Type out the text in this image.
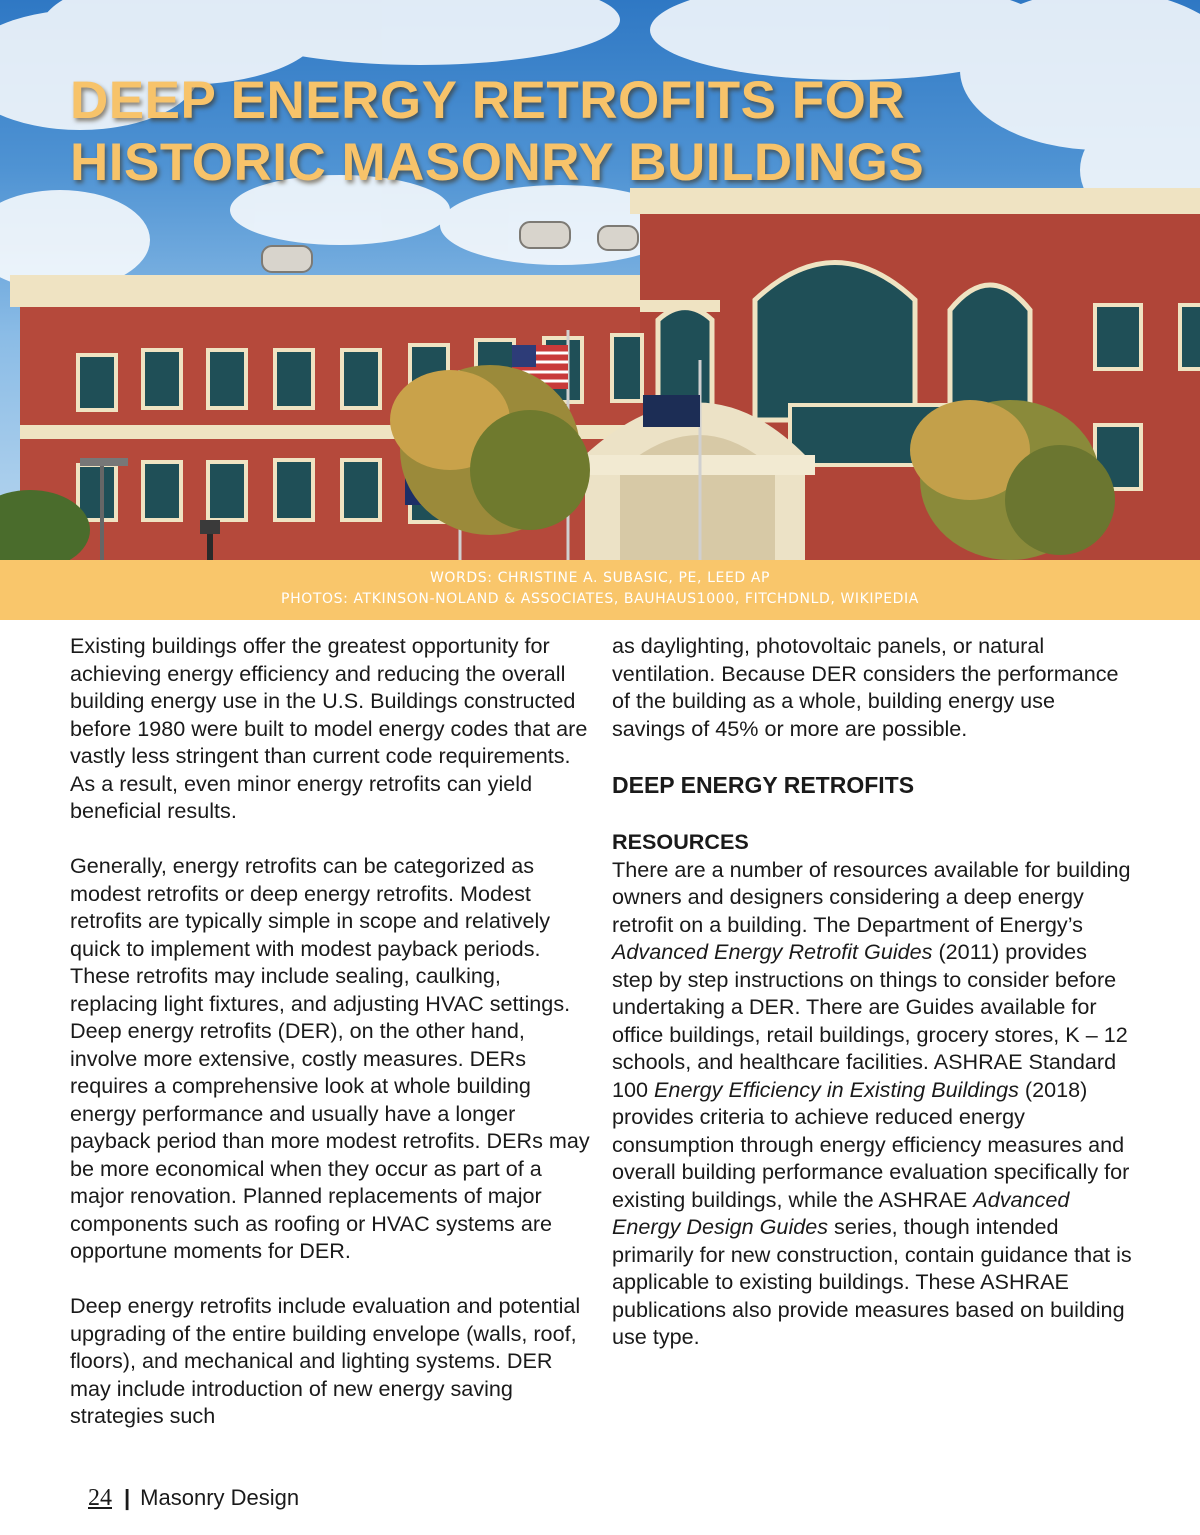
DEEP ENERGY RETROFITS FOR
HISTORIC MASONRY BUILDINGS
WORDS: CHRISTINE A. SUBASIC, PE, LEED AP
PHOTOS: ATKINSON-NOLAND & ASSOCIATES, BAUHAUS1000, FITCHDNLD, WIKIPEDIA

Existing buildings offer the greatest opportunity for achieving energy efficiency and reducing the overall building energy use in the U.S. Buildings constructed before 1980 were built to model energy codes that are vastly less stringent than current code requirements. As a result, even minor energy retrofits can yield beneficial results.

Generally, energy retrofits can be categorized as modest retrofits or deep energy retrofits. Modest retrofits are typically simple in scope and relatively quick to implement with modest payback periods. These retrofits may include sealing, caulking, replacing light fixtures, and adjusting HVAC settings. Deep energy retrofits (DER), on the other hand, involve more extensive, costly measures. DERs requires a comprehensive look at whole building energy performance and usually have a longer payback period than more modest retrofits. DERs may be more economical when they occur as part of a major renovation. Planned replacements of major components such as roofing or HVAC systems are opportune moments for DER.

Deep energy retrofits include evaluation and potential upgrading of the entire building envelope (walls, roof, floors), and mechanical and lighting systems. DER may include introduction of new energy saving strategies such

as daylighting, photovoltaic panels, or natural ventilation. Because DER considers the performance of the building as a whole, building energy use savings of 45% or more are possible.

DEEP ENERGY RETROFITS
RESOURCES

There are a number of resources available for building owners and designers considering a deep energy retrofit on a building. The Department of Energy’s Advanced Energy Retrofit Guides (2011) provides step by step instructions on things to consider before undertaking a DER. There are Guides available for office buildings, retail buildings, grocery stores, K – 12 schools, and healthcare facilities. ASHRAE Standard 100 Energy Efficiency in Existing Buildings (2018) provides criteria to achieve reduced energy consumption through energy efficiency measures and overall building performance evaluation specifically for existing buildings, while the ASHRAE Advanced Energy Design Guides series, though intended primarily for new construction, contain guidance that is applicable to existing buildings. These ASHRAE publications also provide measures based on building use type.

24 | Masonry Design
